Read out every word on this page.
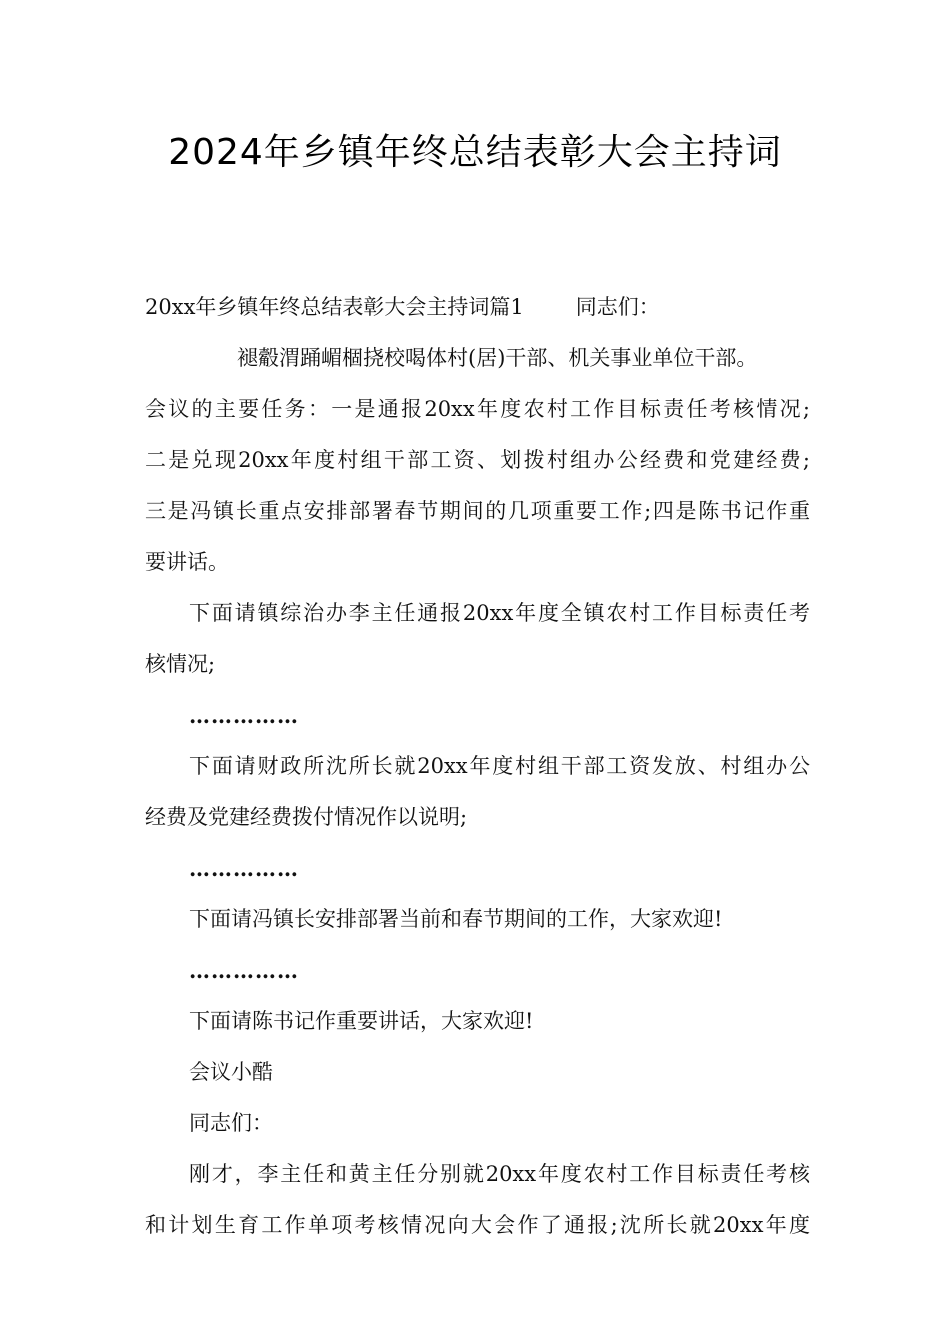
2024年乡镇年终总结表彰大会主持词
20xx年乡镇年终总结表彰大会主持词篇1 同志们：
褪觳渭踊嵋棝挠校喝体村(居)干部、机关事业单位干部。
会议的主要任务：一是通报20xx年度农村工作目标责任考核情况;
二是兑现20xx年度村组干部工资、划拨村组办公经费和党建经费;
三是冯镇长重点安排部署春节期间的几项重要工作;四是陈书记作重
要讲话。
下面请镇综治办李主任通报20xx年度全镇农村工作目标责任考
核情况;
……………
下面请财政所沈所长就20xx年度村组干部工资发放、村组办公
经费及党建经费拨付情况作以说明;
……………
下面请冯镇长安排部署当前和春节期间的工作，大家欢迎!
……………
下面请陈书记作重要讲话，大家欢迎!
会议小酷
同志们：
刚才，李主任和黄主任分别就20xx年度农村工作目标责任考核
和计划生育工作单项考核情况向大会作了通报;沈所长就20xx年度
